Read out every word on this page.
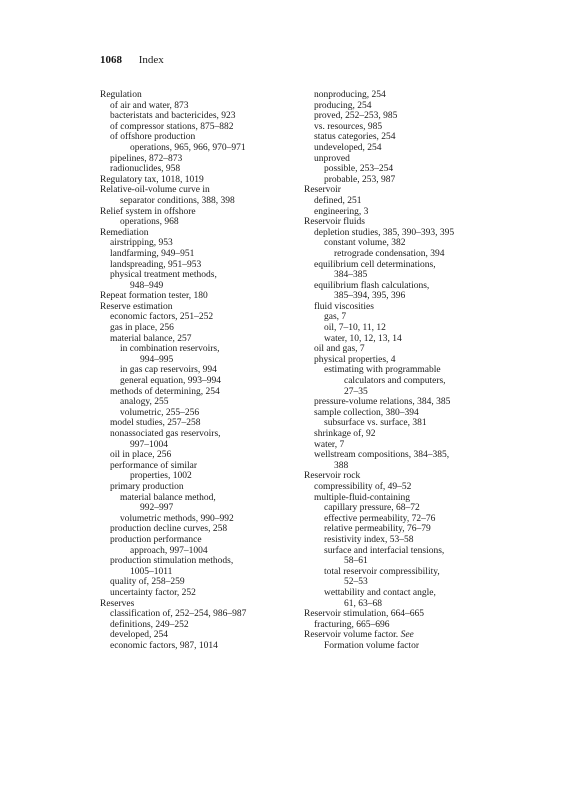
1068 Index
Regulation
of air and water, 873
bacteristats and bactericides, 923
of compressor stations, 875–882
of offshore production
operations, 965, 966, 970–971
pipelines, 872–873
radionuclides, 958
Regulatory tax, 1018, 1019
Relative-oil-volume curve in
separator conditions, 388, 398
Relief system in offshore
operations, 968
Remediation
airstripping, 953
landfarming, 949–951
landspreading, 951–953
physical treatment methods,
948–949
Repeat formation tester, 180
Reserve estimation
economic factors, 251–252
gas in place, 256
material balance, 257
in combination reservoirs,
994–995
in gas cap reservoirs, 994
general equation, 993–994
methods of determining, 254
analogy, 255
volumetric, 255–256
model studies, 257–258
nonassociated gas reservoirs,
997–1004
oil in place, 256
performance of similar
properties, 1002
primary production
material balance method,
992–997
volumetric methods, 990–992
production decline curves, 258
production performance
approach, 997–1004
production stimulation methods,
1005–1011
quality of, 258–259
uncertainty factor, 252
Reserves
classification of, 252–254, 986–987
definitions, 249–252
developed, 254
economic factors, 987, 1014
nonproducing, 254
producing, 254
proved, 252–253, 985
vs. resources, 985
status categories, 254
undeveloped, 254
unproved
possible, 253–254
probable, 253, 987
Reservoir
defined, 251
engineering, 3
Reservoir fluids
depletion studies, 385, 390–393, 395
constant volume, 382
retrograde condensation, 394
equilibrium cell determinations,
384–385
equilibrium flash calculations,
385–394, 395, 396
fluid viscosities
gas, 7
oil, 7–10, 11, 12
water, 10, 12, 13, 14
oil and gas, 7
physical properties, 4
estimating with programmable
calculators and computers,
27–35
pressure-volume relations, 384, 385
sample collection, 380–394
subsurface vs. surface, 381
shrinkage of, 92
water, 7
wellstream compositions, 384–385,
388
Reservoir rock
compressibility of, 49–52
multiple-fluid-containing
capillary pressure, 68–72
effective permeability, 72–76
relative permeability, 76–79
resistivity index, 53–58
surface and interfacial tensions,
58–61
total reservoir compressibility,
52–53
wettability and contact angle,
61, 63–68
Reservoir stimulation, 664–665
fracturing, 665–696
Reservoir volume factor. See
Formation volume factor
